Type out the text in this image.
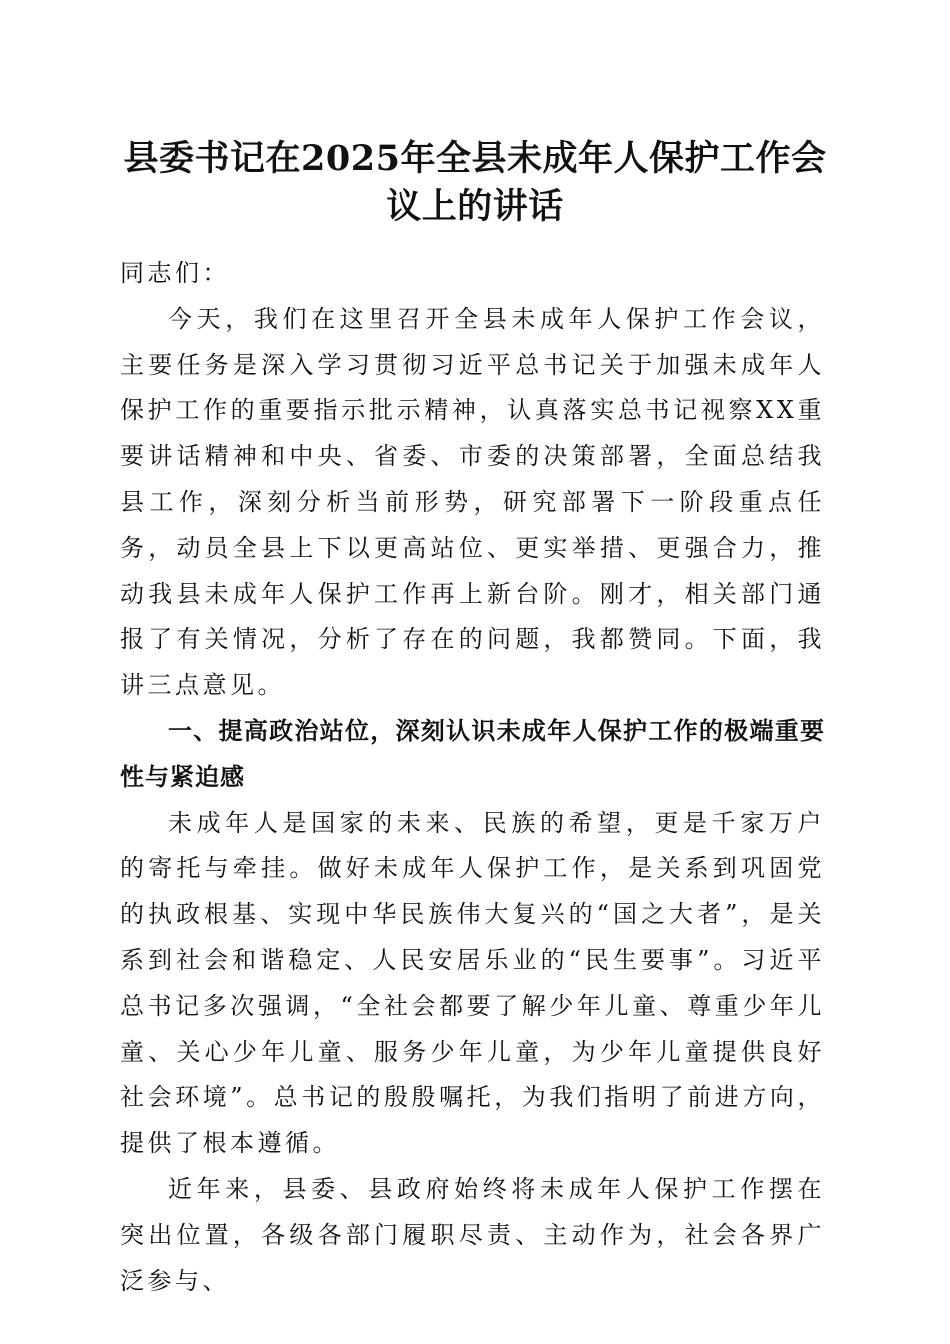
县委书记在2025年全县未成年人保护工作会
议上的讲话

同志们：

今天，我们在这里召开全县未成年人保护工作会议，主要任务是深入学习贯彻习近平总书记关于加强未成年人保护工作的重要指示批示精神，认真落实总书记视察XX重要讲话精神和中央、省委、市委的决策部署，全面总结我县工作，深刻分析当前形势，研究部署下一阶段重点任务，动员全县上下以更高站位、更实举措、更强合力，推动我县未成年人保护工作再上新台阶。刚才，相关部门通报了有关情况，分析了存在的问题，我都赞同。下面，我讲三点意见。

一、提高政治站位，深刻认识未成年人保护工作的极端重要性与紧迫感

未成年人是国家的未来、民族的希望，更是千家万户的寄托与牵挂。做好未成年人保护工作，是关系到巩固党的执政根基、实现中华民族伟大复兴的“国之大者”，是关系到社会和谐稳定、人民安居乐业的“民生要事”。习近平总书记多次强调，“全社会都要了解少年儿童、尊重少年儿童、关心少年儿童、服务少年儿童，为少年儿童提供良好社会环境”。总书记的殷殷嘱托，为我们指明了前进方向，提供了根本遵循。

近年来，县委、县政府始终将未成年人保护工作摆在突出位置，各级各部门履职尽责、主动作为，社会各界广泛参与、
